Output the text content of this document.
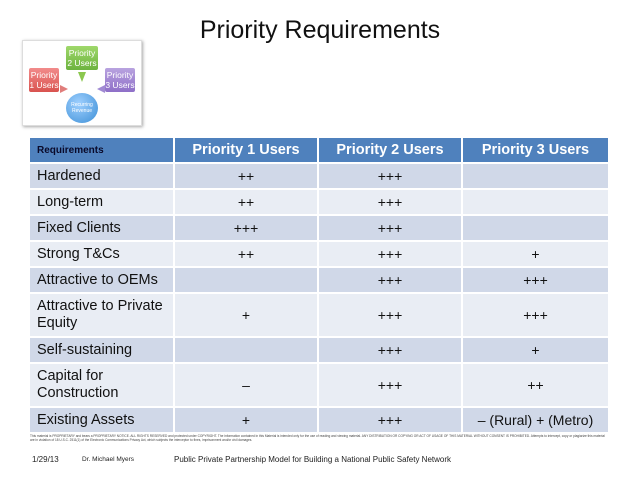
Priority Requirements
Priority 2 Users
Priority 1 Users
Priority 3 Users
Recurring Revenue
Requirements	Priority 1 Users	Priority 2 Users	Priority 3 Users
Hardened	++	+++	
Long-term	++	+++	
Fixed Clients	+++	+++	
Strong T&Cs	++	+++	+
Attractive to OEMs		+++	+++
Attractive to Private Equity	+	+++	+++
Self-sustaining		+++	+
Capital for Construction	–	+++	++
Existing Assets	+	+++	– (Rural) + (Metro)
This material is PROPRIETARY and bears a PROPRIETARY NOTICE. ALL RIGHTS RESERVED and protected under COPYRIGHT. The information contained in this Material is intended only for the use of reading and viewing material. ANY DISTRIBUTION OR COPYING OR ACT OF USAGE OF THIS MATERIAL WITHOUT CONSENT IS PROHIBITED. Attempts to intercept, copy or plagiarize this material are in violation of 18 U.S.C. 2511(1) of the Electronic Communications Privacy Act, which subjects the interceptor to fines, imprisonment and/or civil damages.
1/29/13	Dr. Michael Myers	Public Private Partnership Model for Building a National Public Safety Network
